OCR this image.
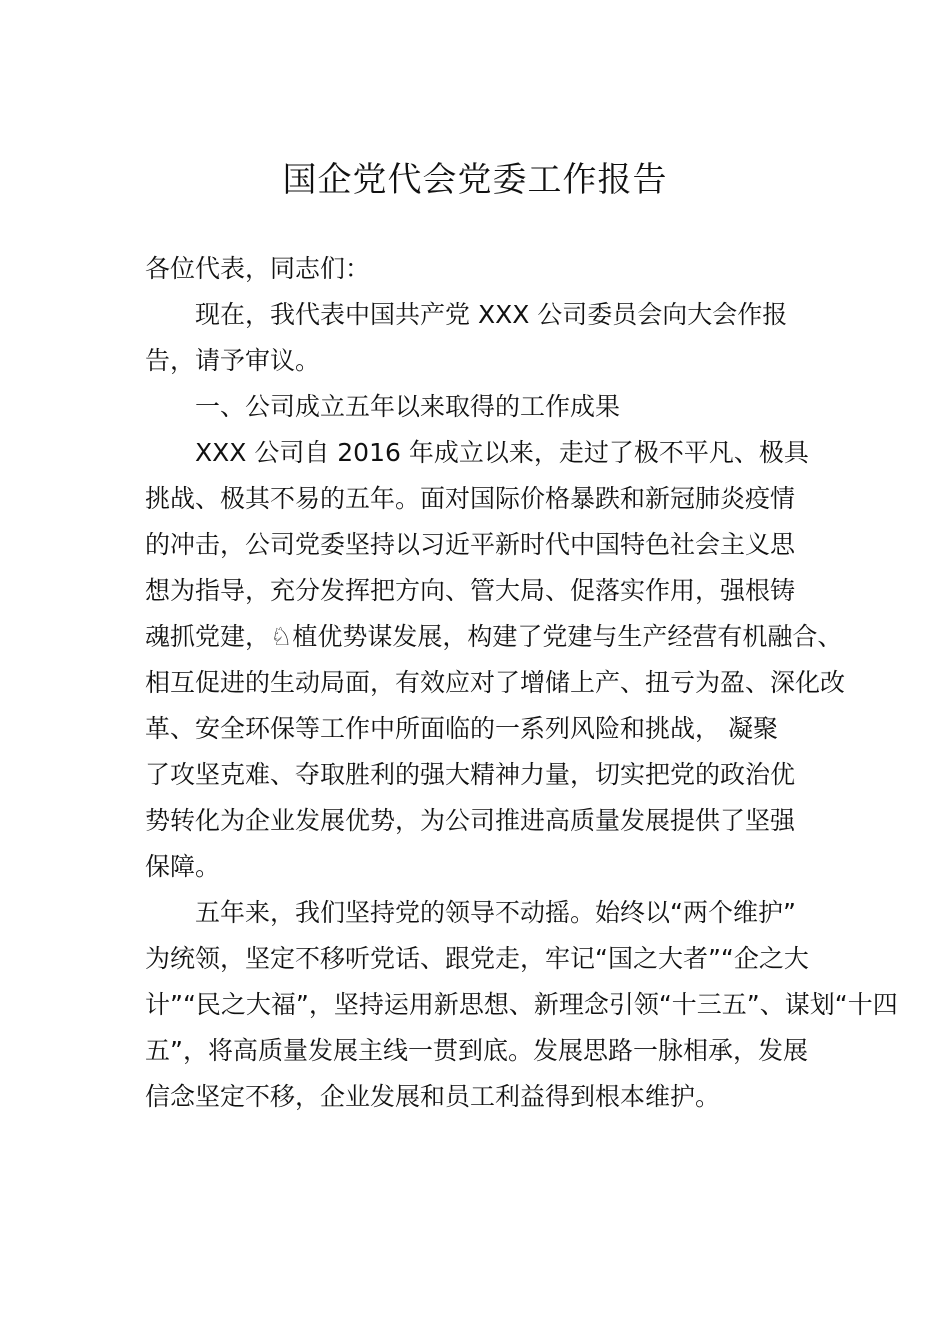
国企党代会党委工作报告
各位代表，同志们：
现在，我代表中国共产党 XXX 公司委员会向大会作报
告，请予审议。
一、公司成立五年以来取得的工作成果
XXX 公司自 2016 年成立以来，走过了极不平凡、极具
挑战、极其不易的五年。面对国际价格暴跌和新冠肺炎疫情
的冲击，公司党委坚持以习近平新时代中国特色社会主义思
想为指导，充分发挥把方向、管大局、促落实作用，强根铸
魂抓党建，♘植优势谋发展，构建了党建与生产经营有机融合、
相互促进的生动局面，有效应对了增储上产、扭亏为盈、深化改
革、安全环保等工作中所面临的一系列风险和挑战， 凝聚
了攻坚克难、夺取胜利的强大精神力量，切实把党的政治优
势转化为企业发展优势，为公司推进高质量发展提供了坚强
保障。
五年来，我们坚持党的领导不动摇。始终以“两个维护”
为统领，坚定不移听党话、跟党走，牢记“国之大者”“企之大
计”“民之大福”，坚持运用新思想、新理念引领“十三五”、谋划“十四
五”，将高质量发展主线一贯到底。发展思路一脉相承，发展
信念坚定不移，企业发展和员工利益得到根本维护。
